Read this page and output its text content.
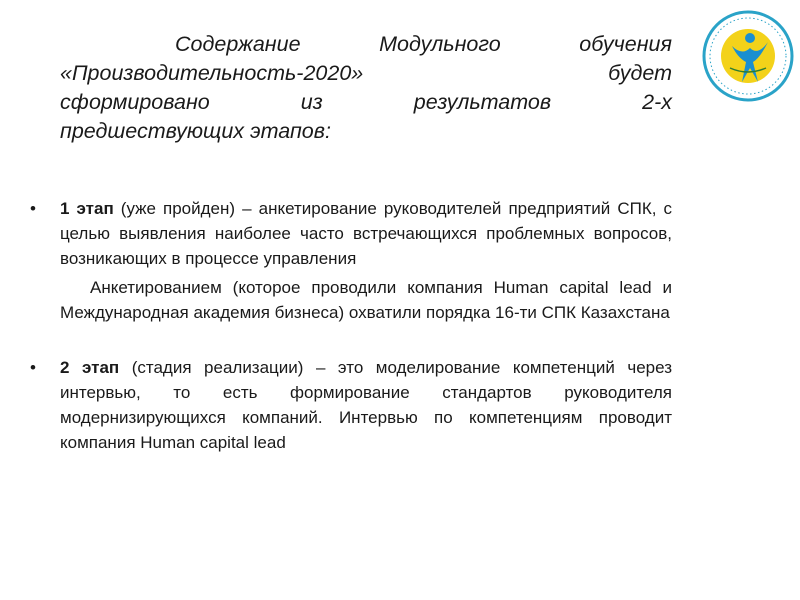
Содержание Модульного обучения
«Производительность-2020» будет
сформировано из результатов 2-х
предшествующих этапов:
• 1 этап (уже пройден) – анкетирование руководителей предприятий СПК, с целью выявления наиболее часто встречающихся проблемных вопросов, возникающих в процессе управления

Анкетированием (которое проводили компания Human capital lead и Международная академия бизнеса) охватили порядка 16-ти СПК Казахстана

• 2 этап (стадия реализации) – это моделирование компетенций через интервью, то есть формирование стандартов руководителя модернизирующихся компаний. Интервью по компетенциям проводит компания Human capital lead
